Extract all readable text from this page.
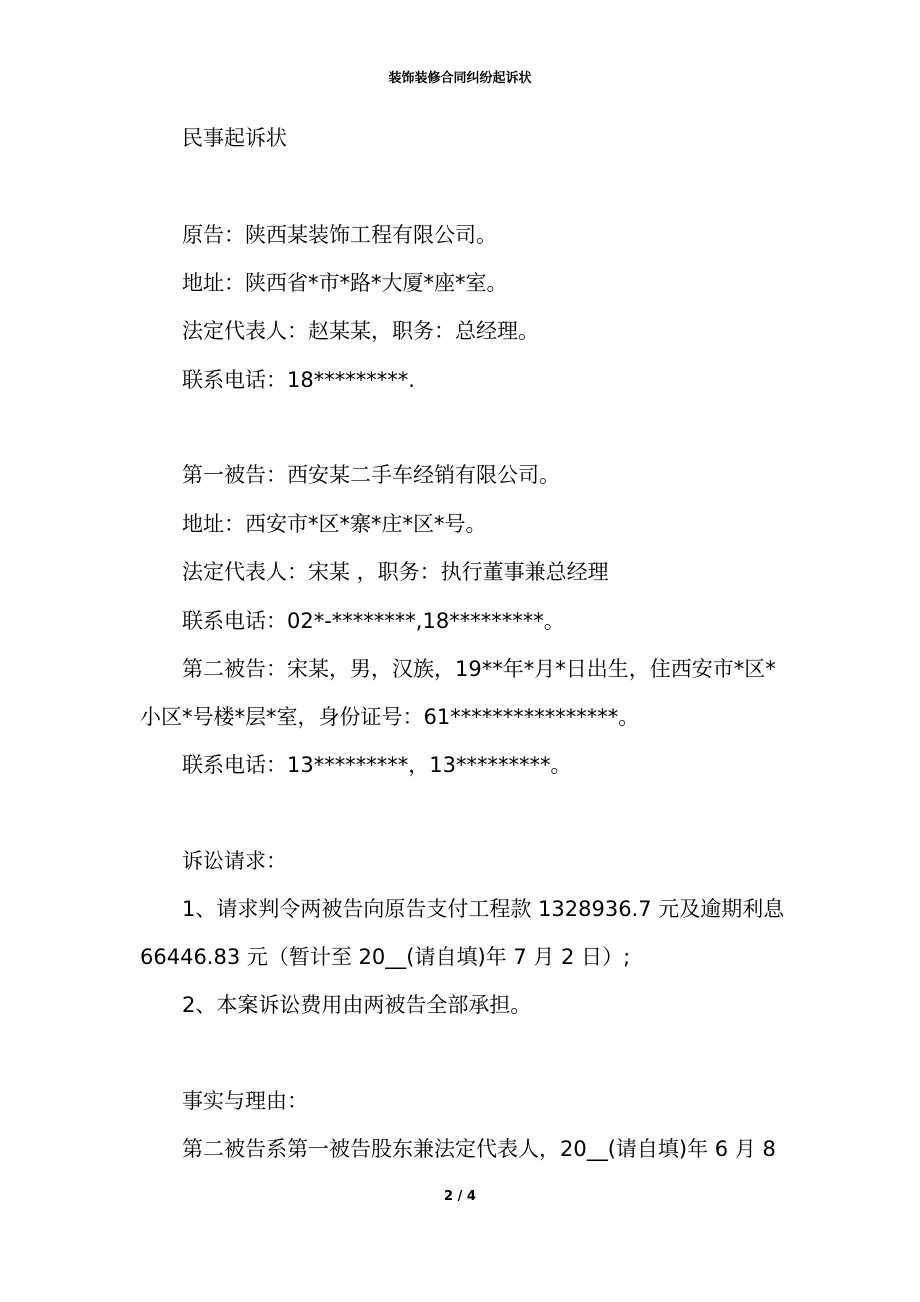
装饰装修合同纠纷起诉状
民事起诉状
原告：陕西某装饰工程有限公司。
地址：陕西省*市*路*大厦*座*室。
法定代表人：赵某某，职务：总经理。
联系电话：18*********.
第一被告：西安某二手车经销有限公司。
地址：西安市*区*寨*庄*区*号。
法定代表人：宋某 ，职务：执行董事兼总经理
联系电话：02*-********,18*********。
第二被告：宋某，男，汉族，19**年*月*日出生，住西安市*区*
小区*号楼*层*室，身份证号：61****************。
联系电话：13*********，13*********。
诉讼请求：
1、请求判令两被告向原告支付工程款 1328936.7 元及逾期利息
66446.83 元（暂计至 20__(请自填)年 7 月 2 日）;
2、本案诉讼费用由两被告全部承担。
事实与理由：
第二被告系第一被告股东兼法定代表人，20__(请自填)年 6 月 8
2 / 4
